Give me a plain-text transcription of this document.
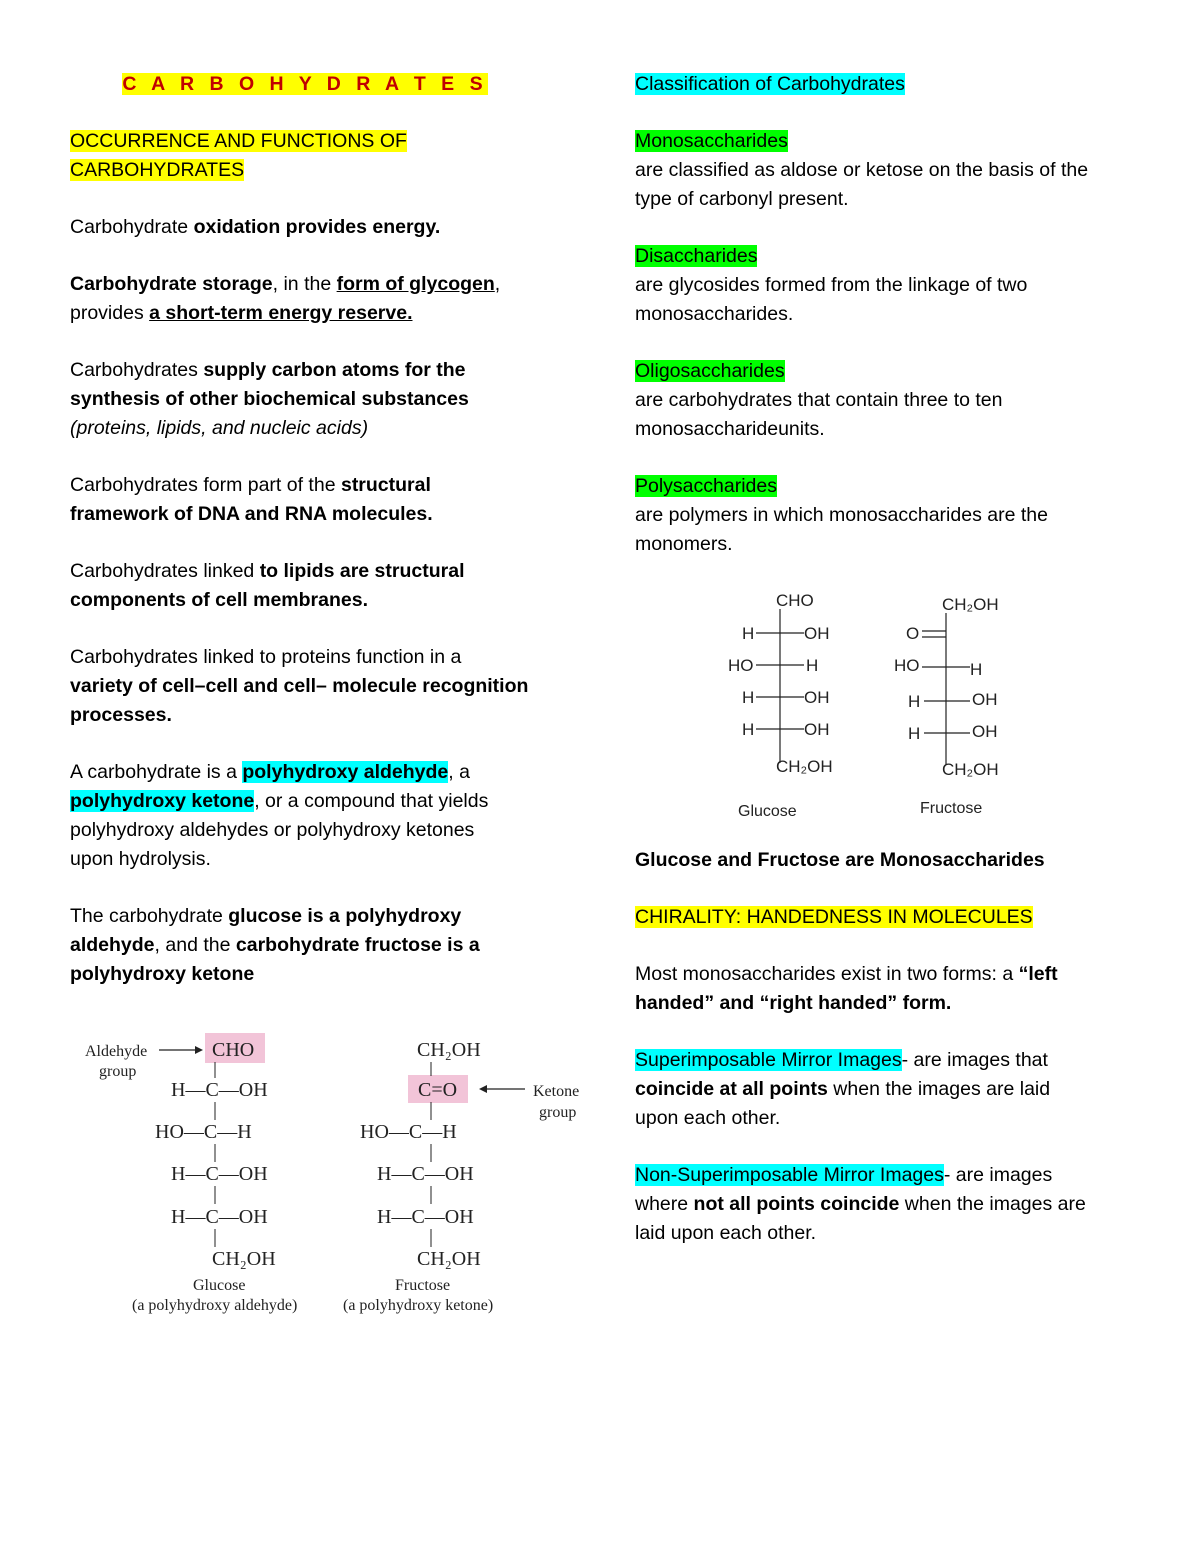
C A R B O H Y D R A T E S
OCCURRENCE AND FUNCTIONS OF
CARBOHYDRATES
Carbohydrate oxidation provides energy.
Carbohydrate storage, in the form of glycogen,
provides a short-term energy reserve.
Carbohydrates supply carbon atoms for the
synthesis of other biochemical substances
(proteins, lipids, and nucleic acids)
Carbohydrates form part of the structural
framework of DNA and RNA molecules.
Carbohydrates linked to lipids are structural
components of cell membranes.
Carbohydrates linked to proteins function in a
variety of cell–cell and cell– molecule recognition
processes.
A carbohydrate is a polyhydroxy aldehyde, a
polyhydroxy ketone, or a compound that yields
polyhydroxy aldehydes or polyhydroxy ketones
upon hydrolysis.
The carbohydrate glucose is a polyhydroxy
aldehyde, and the carbohydrate fructose is a
polyhydroxy ketone
Aldehyde
group
CHO
H—C—OH
HO—C—H
H—C—OH
H—C—OH
CH₂OH
Glucose
(a polyhydroxy aldehyde)
CH₂OH
C=O
HO—C—H
H—C—OH
H—C—OH
CH₂OH
Fructose
(a polyhydroxy ketone)
Ketone
group
Classification of Carbohydrates
Monosaccharides
are classified as aldose or ketose on the basis of the
type of carbonyl present.
Disaccharides
are glycosides formed from the linkage of two
monosaccharides.
Oligosaccharides
are carbohydrates that contain three to ten
monosaccharideunits.
Polysaccharides
are polymers in which monosaccharides are the
monomers.
CHO
H	OH
HO	H
H	OH
H	OH
CH₂OH
Glucose
CH₂OH
O
HO	H
H	OH
H	OH
CH₂OH
Fructose
Glucose and Fructose are Monosaccharides
CHIRALITY: HANDEDNESS IN MOLECULES
Most monosaccharides exist in two forms: a “left
handed” and “right handed” form.
Superimposable Mirror Images- are images that
coincide at all points when the images are laid
upon each other.
Non-Superimposable Mirror Images- are images
where not all points coincide when the images are
laid upon each other.
